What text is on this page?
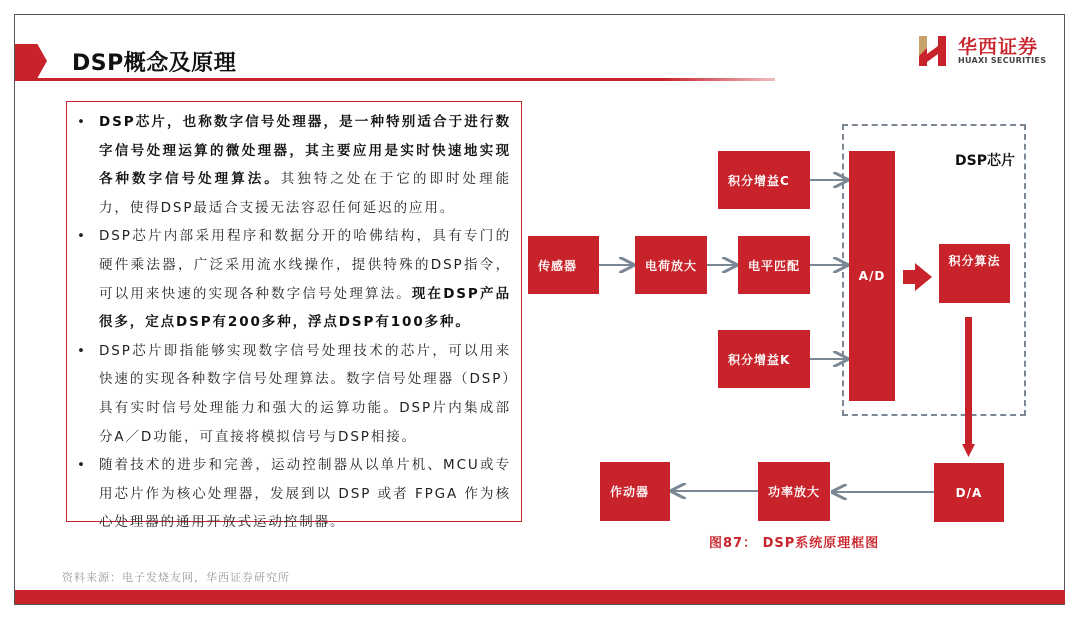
DSP概念及原理
华西证券
HUAXI SECURITIES
• DSP芯片，也称数字信号处理器，是一种特别适合于进行数字信号处理运算的微处理器，其主要应用是实时快速地实现各种数字信号处理算法。其独特之处在于它的即时处理能力，使得DSP最适合支援无法容忍任何延迟的应用。
• DSP芯片内部采用程序和数据分开的哈佛结构，具有专门的硬件乘法器，广泛采用流水线操作，提供特殊的DSP指令，可以用来快速的实现各种数字信号处理算法。现在DSP产品很多，定点DSP有200多种，浮点DSP有100多种。
• DSP芯片即指能够实现数字信号处理技术的芯片，可以用来快速的实现各种数字信号处理算法。数字信号处理器（DSP）具有实时信号处理能力和强大的运算功能。DSP片内集成部分A／D功能，可直接将模拟信号与DSP相接。
• 随着技术的进步和完善，运动控制器从以单片机、MCU或专用芯片作为核心处理器，发展到以 DSP 或者 FPGA 作为核心处理器的通用开放式运动控制器。
DSP芯片
传感器	电荷放大	电平匹配
积分增益C
积分增益K
A/D
积分算法
D/A
功率放大
作动器
图87： DSP系统原理框图
资料来源：电子发烧友网，华西证券研究所
